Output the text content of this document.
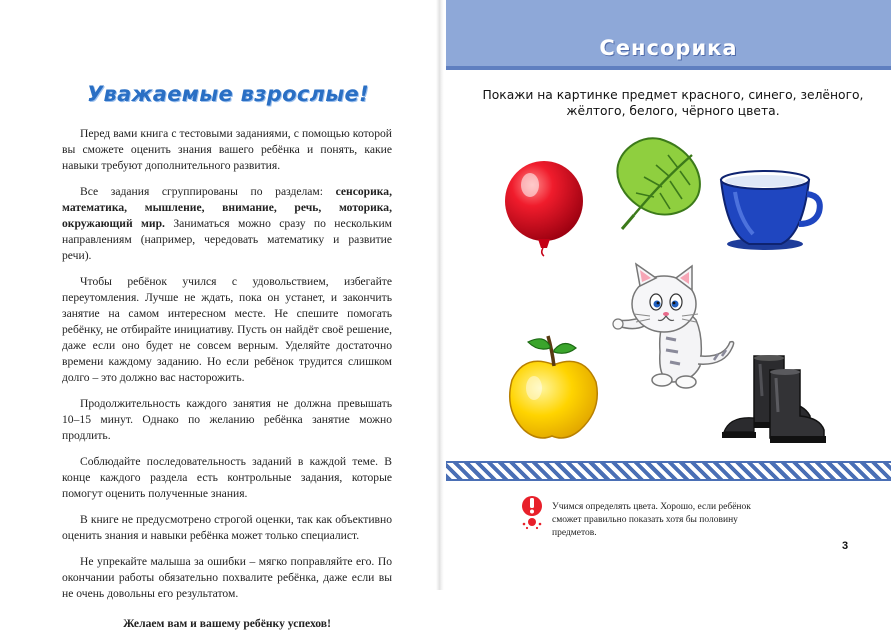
Уважаемые взрослые!

Перед вами книга с тестовыми заданиями, с помощью которой вы сможете оценить знания вашего ребёнка и понять, какие навыки требуют дополнительного развития.

Все задания сгруппированы по разделам: сенсорика, математика, мышление, внимание, речь, моторика, окружающий мир. Заниматься можно сразу по нескольким направлениям (например, чередовать математику и развитие речи).

Чтобы ребёнок учился с удовольствием, избегайте переутомления. Лучше не ждать, пока он устанет, и закончить занятие на самом интересном месте. Не спешите помогать ребёнку, не отбирайте инициативу. Пусть он найдёт своё решение, даже если оно будет не совсем верным. Уделяйте достаточно времени каждому заданию. Но если ребёнок трудится слишком долго – это должно вас насторожить.

Продолжительность каждого занятия не должна превышать 10–15 минут. Однако по желанию ребёнка занятие можно продлить.

Соблюдайте последовательность заданий в каждой теме. В конце каждого раздела есть контрольные задания, которые помогут оценить полученные знания.

В книге не предусмотрено строгой оценки, так как объективно оценить знания и навыки ребёнка может только специалист.

Не упрекайте малыша за ошибки – мягко поправляйте его. По окончании работы обязательно похвалите ребёнка, даже если вы не очень довольны его результатом.

Желаем вам и вашему ребёнку успехов!

Сенсорика
Покажи на картинке предмет красного, синего, зелёного, жёлтого, белого, чёрного цвета.
Учимся определять цвета. Хорошо, если ребёнок сможет правильно показать хотя бы половину предметов.
3
